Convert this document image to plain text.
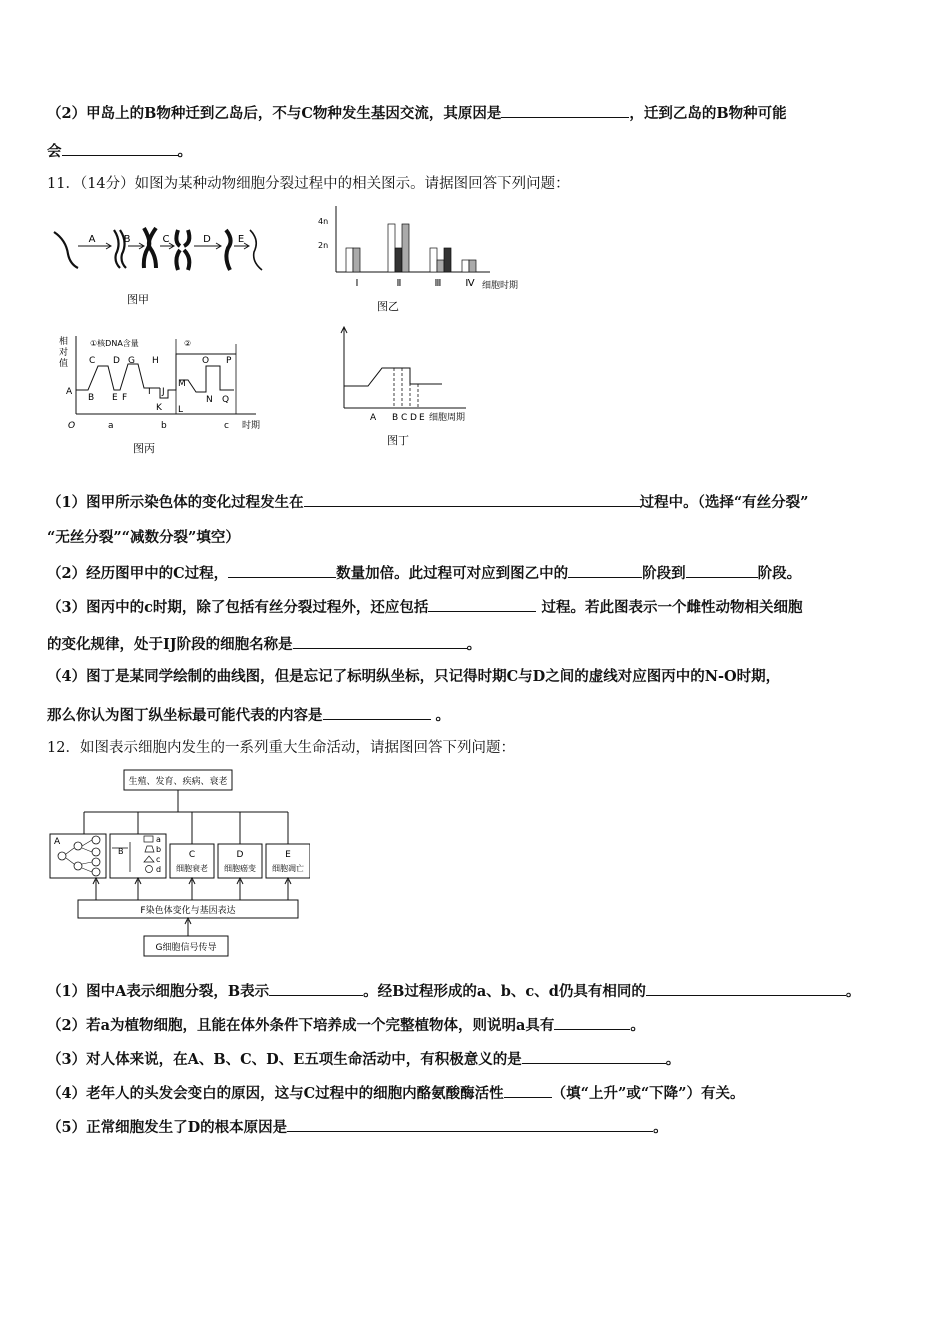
（2）甲岛上的B物种迁到乙岛后，不与C物种发生基因交流，其原因是	，迁到乙岛的B物种可能
会	。
11．（14分）如图为某种动物细胞分裂过程中的相关图示。请据图回答下列问题：
A	B	C	D	E
图甲
4n
2n
Ⅰ	Ⅱ	Ⅲ Ⅳ 细胞时期
图乙
相
对
值
①核DNA含量	②
A
B
C D
E F
G H
I J
K L
M
N
O P
Q
O	a	b	c 时期
图丙
A B C D E 细胞周期
图丁
（1）图甲所示染色体的变化过程发生在	过程中。（选择“有丝分裂”
“无丝分裂”“减数分裂”填空）
（2）经历图甲中的C过程，	数量加倍。此过程可对应到图乙中的	阶段到	阶段。
（3）图丙中的c时期，除了包括有丝分裂过程外，还应包括	过程。若此图表示一个雌性动物相关细胞
的变化规律，处于IJ阶段的细胞名称是	。
（4）图丁是某同学绘制的曲线图，但是忘记了标明纵坐标，只记得时期C与D之间的虚线对应图丙中的N-O时期，
那么你认为图丁纵坐标最可能代表的内容是	。
12．如图表示细胞内发生的一系列重大生命活动，请据图回答下列问题：
生殖、发育、疾病、衰老
A
B
a
b
c
d
C
细胞衰老
D
细胞癌变
E
细胞凋亡
F染色体变化与基因表达
G细胞信号传导
（1）图中A表示细胞分裂，B表示	。经B过程形成的a、b、c、d仍具有相同的	。
（2）若a为植物细胞，且能在体外条件下培养成一个完整植物体，则说明a具有	。
（3）对人体来说，在A、B、C、D、E五项生命活动中，有积极意义的是	。
（4）老年人的头发会变白的原因，这与C过程中的细胞内酪氨酸酶活性	（填“上升”或“下降”）有关。
（5）正常细胞发生了D的根本原因是	。
